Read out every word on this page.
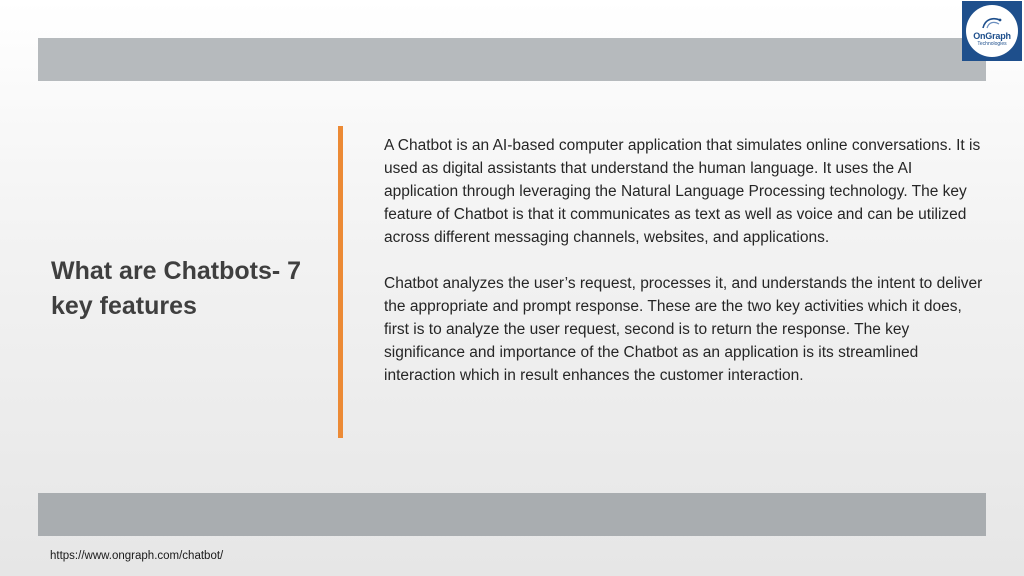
OnGraph
Technologies
What are Chatbots- 7 key features

A Chatbot is an AI-based computer application that simulates online conversations. It is used as digital assistants that understand the human language. It uses the AI application through leveraging the Natural Language Processing technology. The key feature of Chatbot is that it communicates as text as well as voice and can be utilized across different messaging channels, websites, and applications.

Chatbot analyzes the user’s request, processes it, and understands the intent to deliver the appropriate and prompt response. These are the two key activities which it does, first is to analyze the user request, second is to return the response. The key significance and importance of the Chatbot as an application is its streamlined interaction which in result enhances the customer interaction.

https://www.ongraph.com/chatbot/
